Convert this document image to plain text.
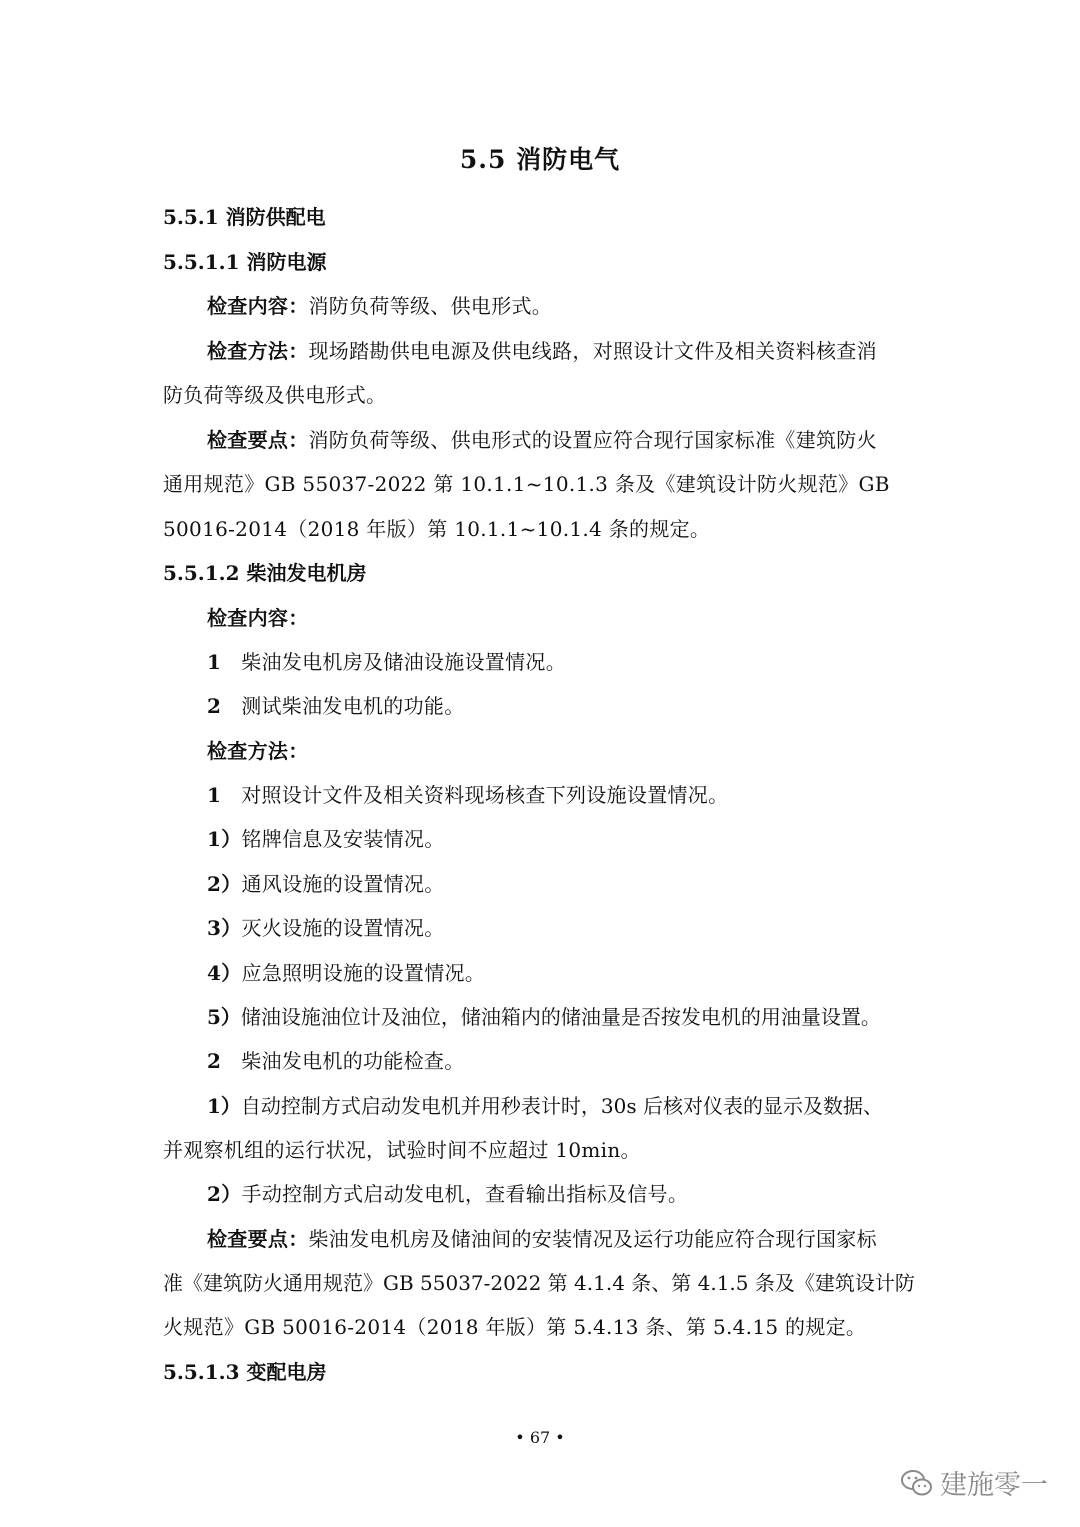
5.5 消防电气
5.5.1 消防供配电
5.5.1.1 消防电源
检查内容：消防负荷等级、供电形式。
检查方法：现场踏勘供电电源及供电线路，对照设计文件及相关资料核查消
防负荷等级及供电形式。
检查要点：消防负荷等级、供电形式的设置应符合现行国家标准《建筑防火
通用规范》GB 55037-2022 第 10.1.1~10.1.3 条及《建筑设计防火规范》GB
50016-2014（2018 年版）第 10.1.1~10.1.4 条的规定。
5.5.1.2 柴油发电机房
检查内容：
1 柴油发电机房及储油设施设置情况。
2 测试柴油发电机的功能。
检查方法：
1 对照设计文件及相关资料现场核查下列设施设置情况。
1）铭牌信息及安装情况。
2）通风设施的设置情况。
3）灭火设施的设置情况。
4）应急照明设施的设置情况。
5）储油设施油位计及油位，储油箱内的储油量是否按发电机的用油量设置。
2 柴油发电机的功能检查。
1）自动控制方式启动发电机并用秒表计时，30s 后核对仪表的显示及数据、
并观察机组的运行状况，试验时间不应超过 10min。
2）手动控制方式启动发电机，查看输出指标及信号。
检查要点：柴油发电机房及储油间的安装情况及运行功能应符合现行国家标
准《建筑防火通用规范》GB 55037-2022 第 4.1.4 条、第 4.1.5 条及《建筑设计防
火规范》GB 50016-2014（2018 年版）第 5.4.13 条、第 5.4.15 的规定。
5.5.1.3 变配电房
• 67 •
建施零一
